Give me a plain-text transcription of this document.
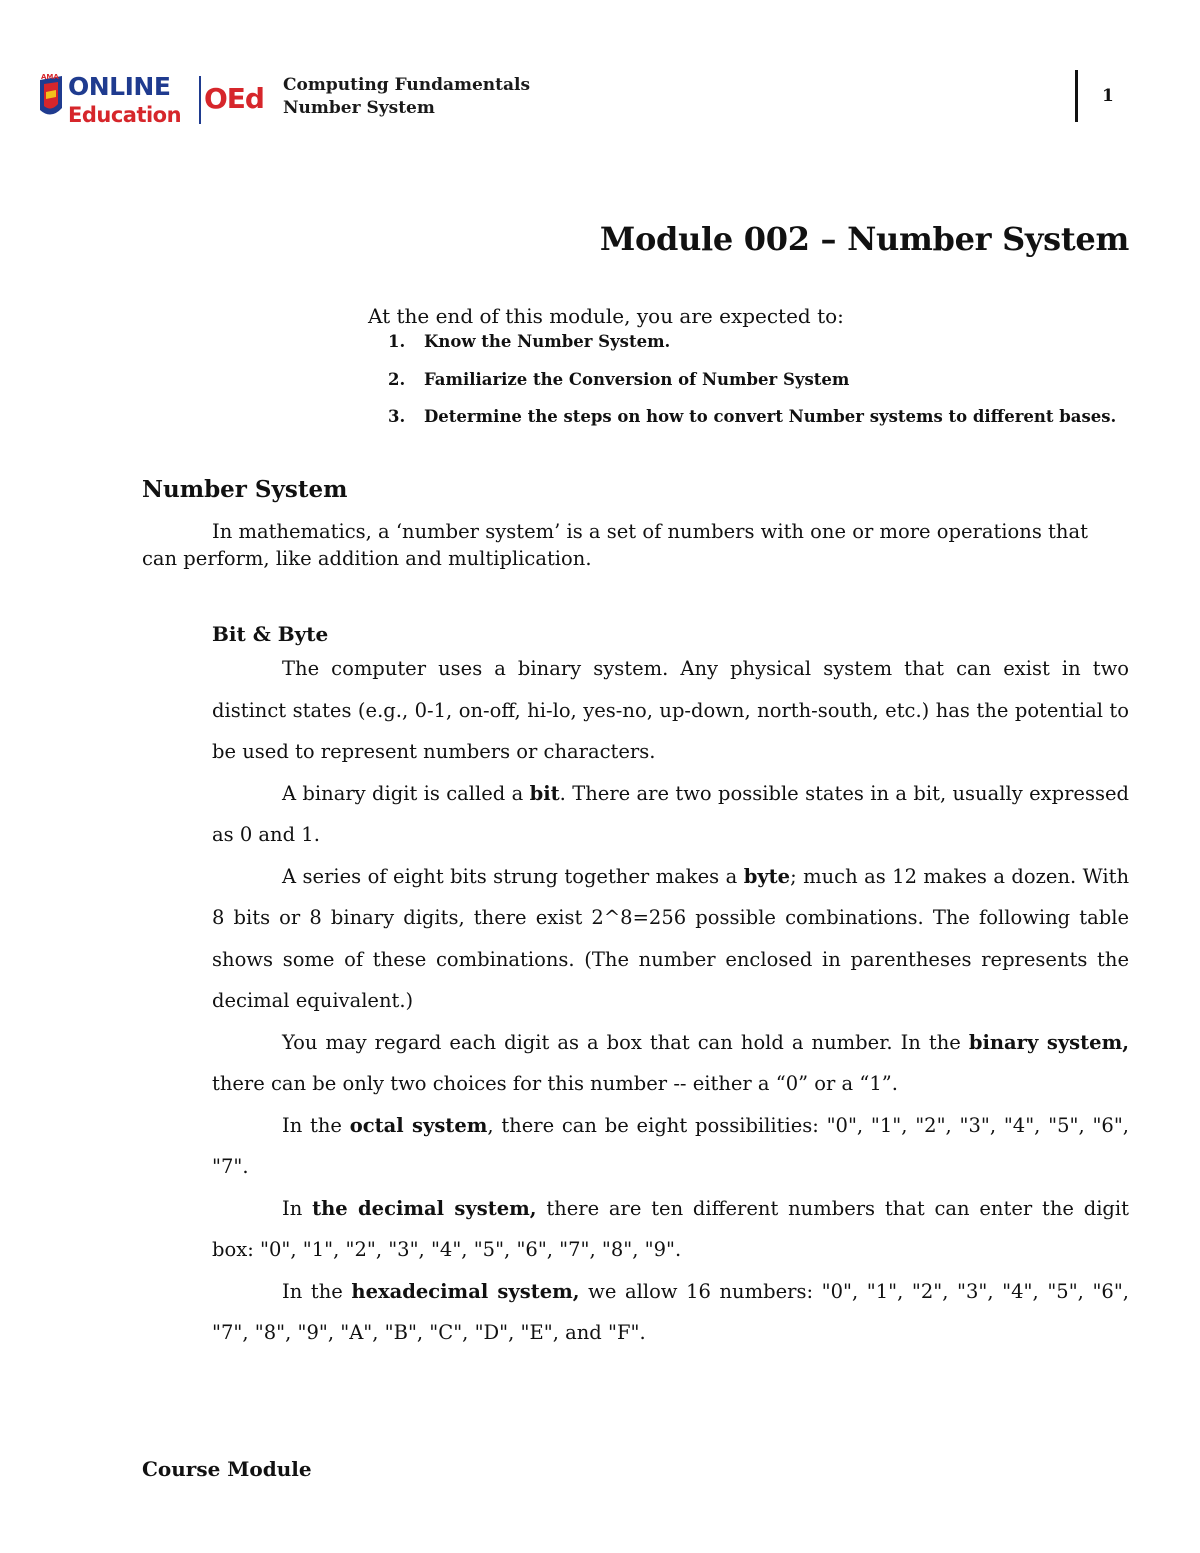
AMA ONLINE
Education OEd Computing Fundamentals
Number System
1
Module 002 – Number System
At the end of this module, you are expected to:
1. Know the Number System.
2. Familiarize the Conversion of Number System
3. Determine the steps on how to convert Number systems to different bases.
Number System
In mathematics, a ‘number system’ is a set of numbers with one or more operations that
can perform, like addition and multiplication.
Bit & Byte

The computer uses a binary system. Any physical system that can exist in two distinct states (e.g., 0-1, on-off, hi-lo, yes-no, up-down, north-south, etc.) has the potential to be used to represent numbers or characters.

A binary digit is called a bit. There are two possible states in a bit, usually expressed as 0 and 1.

A series of eight bits strung together makes a byte; much as 12 makes a dozen. With 8 bits or 8 binary digits, there exist 2^8=256 possible combinations. The following table shows some of these combinations. (The number enclosed in parentheses represents the decimal equivalent.)

You may regard each digit as a box that can hold a number. In the binary system, there can be only two choices for this number -- either a “0” or a “1”.

In the octal system, there can be eight possibilities: "0", "1", "2", "3", "4", "5", "6", "7".

In the decimal system, there are ten different numbers that can enter the digit box: "0", "1", "2", "3", "4", "5", "6", "7", "8", "9".

In the hexadecimal system, we allow 16 numbers: "0", "1", "2", "3", "4", "5", "6", "7", "8", "9", "A", "B", "C", "D", "E", and "F".

Course Module
